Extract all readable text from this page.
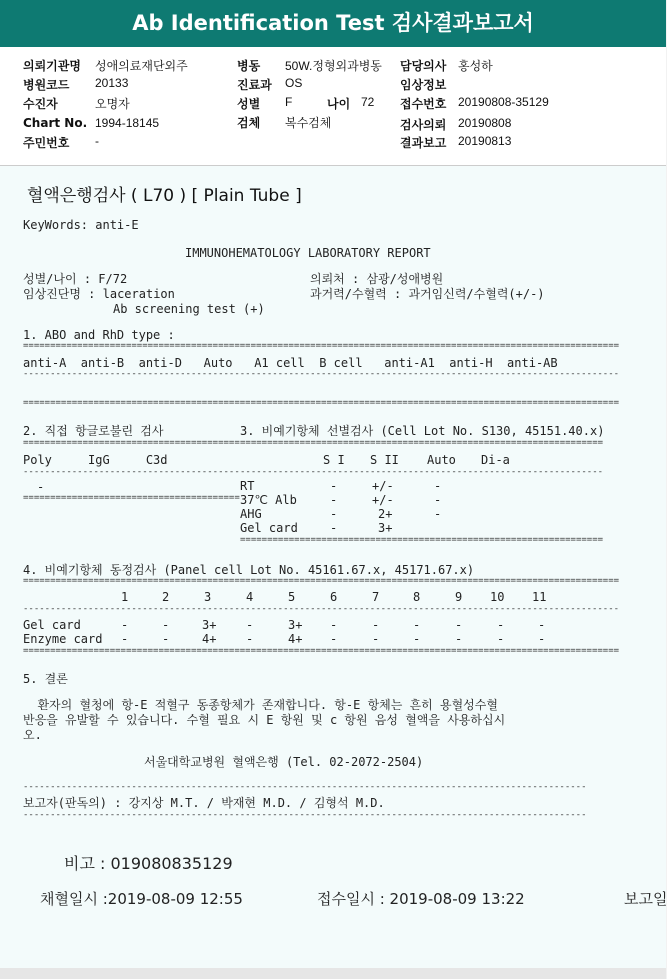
Ab Identification Test 검사결과보고서
의뢰기관명 성애의료재단외주
병원코드 20133
수진자	오명자
Chart No. 1994-18145
주민번호 -
병동 50W.정형외과병동
진료과 OS
성별 F	나이 72
검체 복수검체
담당의사 홍성하
임상정보
접수번호 20190808-35129
검사의뢰 20190808
결과보고 20190813
혈액은행검사 ( L70 ) [ Plain Tube ]
KeyWords: anti-E
IMMUNOHEMATOLOGY LABORATORY REPORT
성별/나이 : F/72
임상진단명 : laceration
Ab screening test (+)
의뢰처 : 삼광/성애병원
과거력/수혈력 : 과거임신력/수혈력(+/-)
1. ABO and RhD type :
==============================================================================================================
anti-A  anti-B  anti-D   Auto   A1 cell  B cell   anti-A1  anti-H  anti-AB
--------------------------------------------------------------------------------------------------------------
==============================================================================================================
2. 직접 항글로불린 검사
========================================
Poly     IgG     C3d
----------------------------------------
-
========================================
3. 비예기항체 선별검사 (Cell Lot No. S130, 45151.40.x)
===================================================================
S I S II Auto Di-a
-------------------------------------------------------------------
RT	-	+/-	-
37℃ Alb	-	+/-	-
AHG	-	2+	-
Gel card	-	3+
===================================================================
4. 비예기항체 동정검사 (Panel cell Lot No. 45161.67.x, 45171.67.x)
==============================================================================================================
1	2	3	4	5	6	7	8	9 10 11
--------------------------------------------------------------------------------------------------------------
Gel card	-	-	3+ -	3+ -	-	-	-	-	-
Enzyme card -	-	4+ -	4+ -	-	-	-	-	-
==============================================================================================================
5. 결론
환자의 혈청에 항-E 적혈구 동종항체가 존재합니다. 항-E 항체는 흔히 용혈성수혈
반응을 유발할 수 있습니다. 수혈 필요 시 E 항원 및 c 항원 음성 혈액을 사용하십시
오.
서울대학교병원 혈액은행 (Tel. 02-2072-2504)
--------------------------------------------------------------------------------------------------------
보고자(판독의) : 강지상 M.T. / 박재현 M.D. / 김형석 M.D.
--------------------------------------------------------------------------------------------------------
비고 : 019080835129
채혈일시 :2019-08-09 12:55	접수일시 : 2019-08-09 13:22	보고일
